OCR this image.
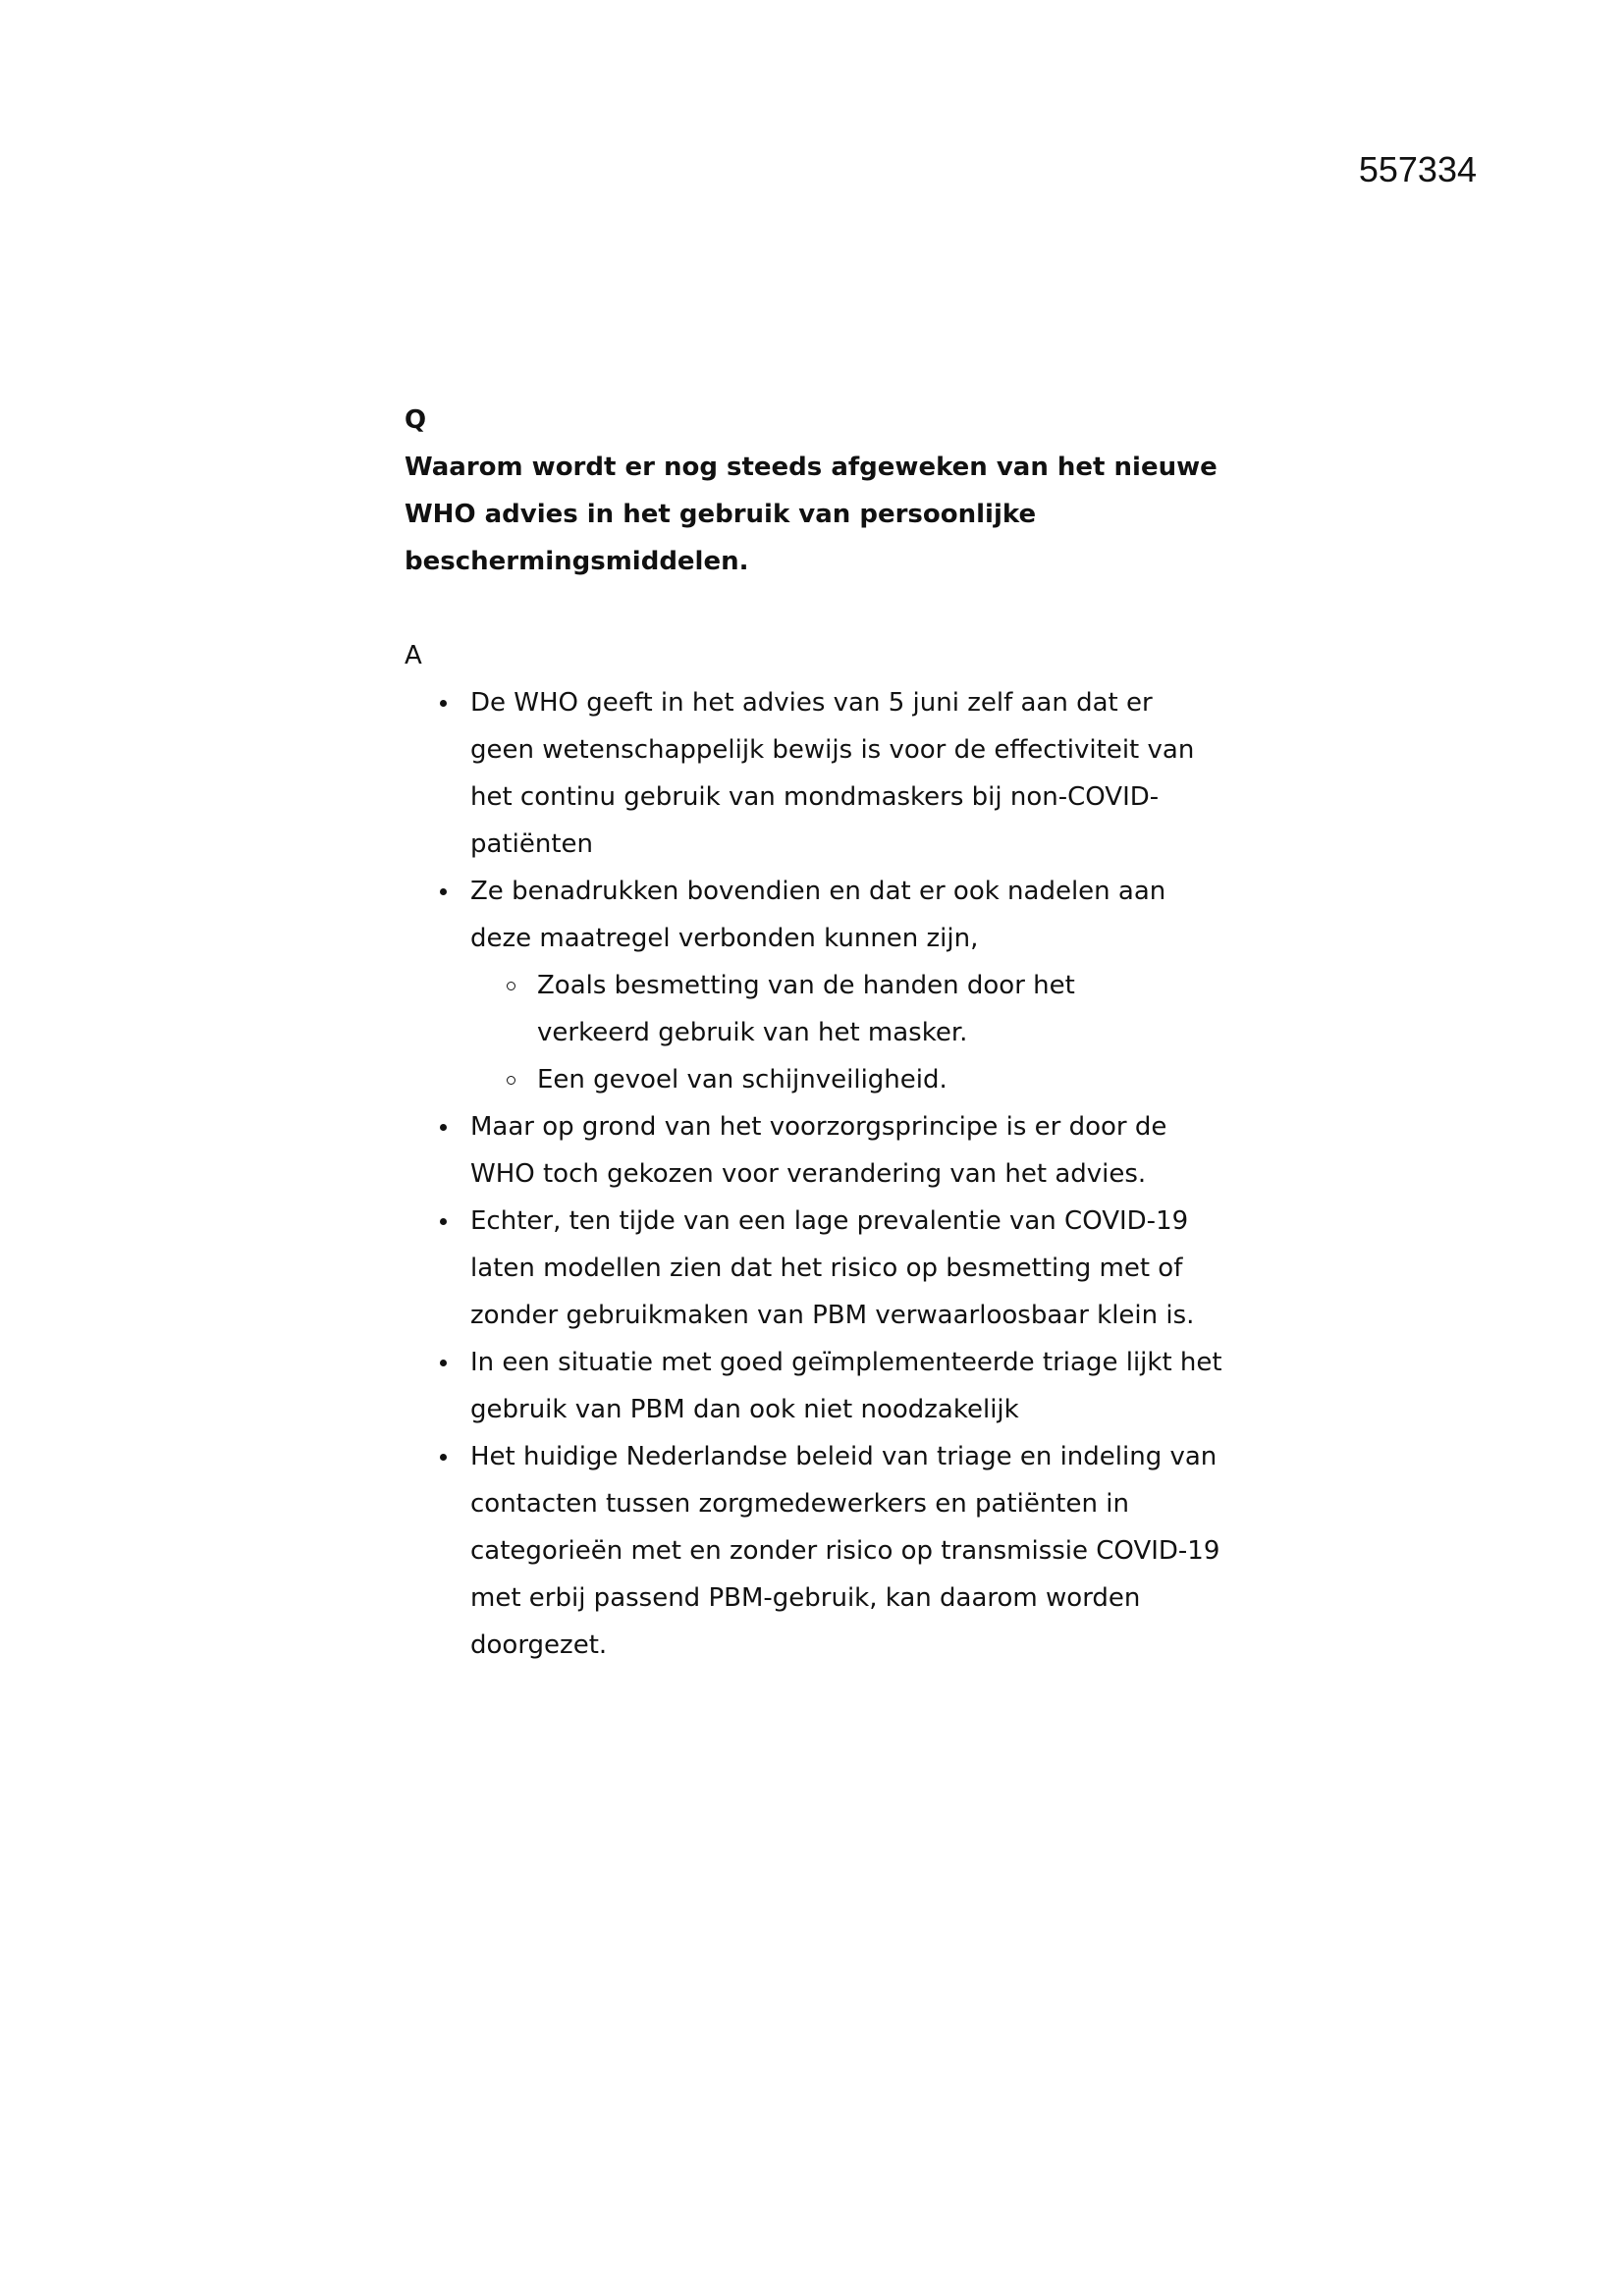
557334

Q

Waarom wordt er nog steeds afgeweken van het nieuwe WHO advies in het gebruik van persoonlijke beschermingsmiddelen.

A

De WHO geeft in het advies van 5 juni zelf aan dat er geen wetenschappelijk bewijs is voor de effectiviteit van het continu gebruik van mondmaskers bij non-COVID-patiënten
Ze benadrukken bovendien en dat er ook nadelen aan deze maatregel verbonden kunnen zijn,
Zoals besmetting van de handen door het verkeerd gebruik van het masker.
Een gevoel van schijnveiligheid.
Maar op grond van het voorzorgsprincipe is er door de WHO toch gekozen voor verandering van het advies.
Echter, ten tijde van een lage prevalentie van COVID-19 laten modellen zien dat het risico op besmetting met of zonder gebruikmaken van PBM verwaarloosbaar klein is.
In een situatie met goed geïmplementeerde triage lijkt het gebruik van PBM dan ook niet noodzakelijk
Het huidige Nederlandse beleid van triage en indeling van contacten tussen zorgmedewerkers en patiënten in categorieën met en zonder risico op transmissie COVID-19 met erbij passend PBM-gebruik, kan daarom worden doorgezet.
